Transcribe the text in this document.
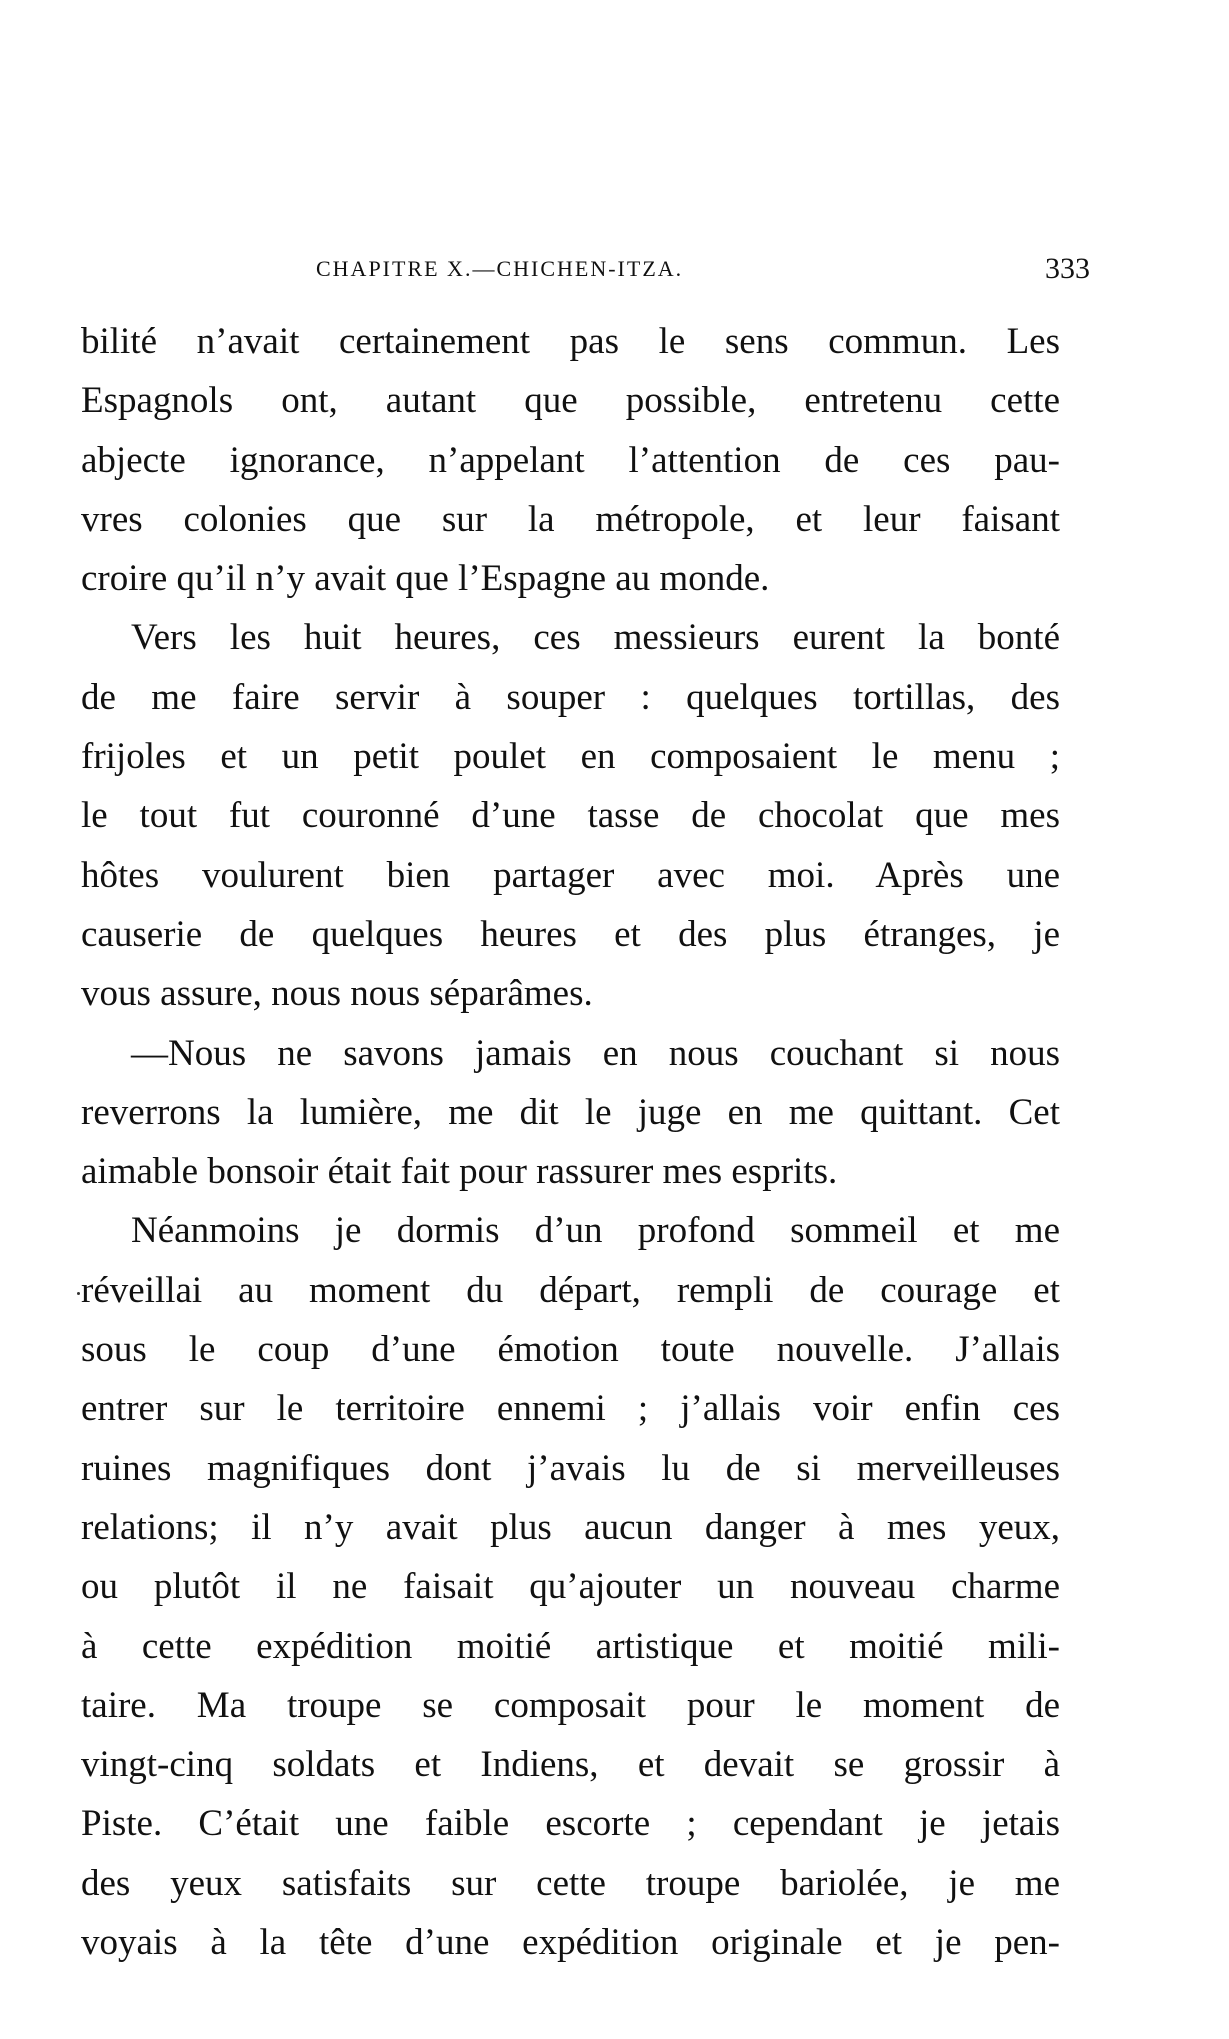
CHAPITRE X.—CHICHEN-ITZA.	333
bilité n’avait certainement pas le sens commun. Les
Espagnols ont, autant que possible, entretenu cette
abjecte ignorance, n’appelant l’attention de ces pau-
vres colonies que sur la métropole, et leur faisant
croire qu’il n’y avait que l’Espagne au monde.
Vers les huit heures, ces messieurs eurent la bonté
de me faire servir à souper : quelques tortillas, des
frijoles et un petit poulet en composaient le menu ;
le tout fut couronné d’une tasse de chocolat que mes
hôtes voulurent bien partager avec moi. Après une
causerie de quelques heures et des plus étranges, je
vous assure, nous nous séparâmes.
—Nous ne savons jamais en nous couchant si nous
reverrons la lumière, me dit le juge en me quittant. Cet
aimable bonsoir était fait pour rassurer mes esprits.
Néanmoins je dormis d’un profond sommeil et me
réveillai au moment du départ, rempli de courage et
sous le coup d’une émotion toute nouvelle. J’allais
entrer sur le territoire ennemi ; j’allais voir enfin ces
ruines magnifiques dont j’avais lu de si merveilleuses
relations; il n’y avait plus aucun danger à mes yeux,
ou plutôt il ne faisait qu’ajouter un nouveau charme
à cette expédition moitié artistique et moitié mili-
taire. Ma troupe se composait pour le moment de
vingt-cinq soldats et Indiens, et devait se grossir à
Piste. C’était une faible escorte ; cependant je jetais
des yeux satisfaits sur cette troupe bariolée, je me
voyais à la tête d’une expédition originale et je pen-
